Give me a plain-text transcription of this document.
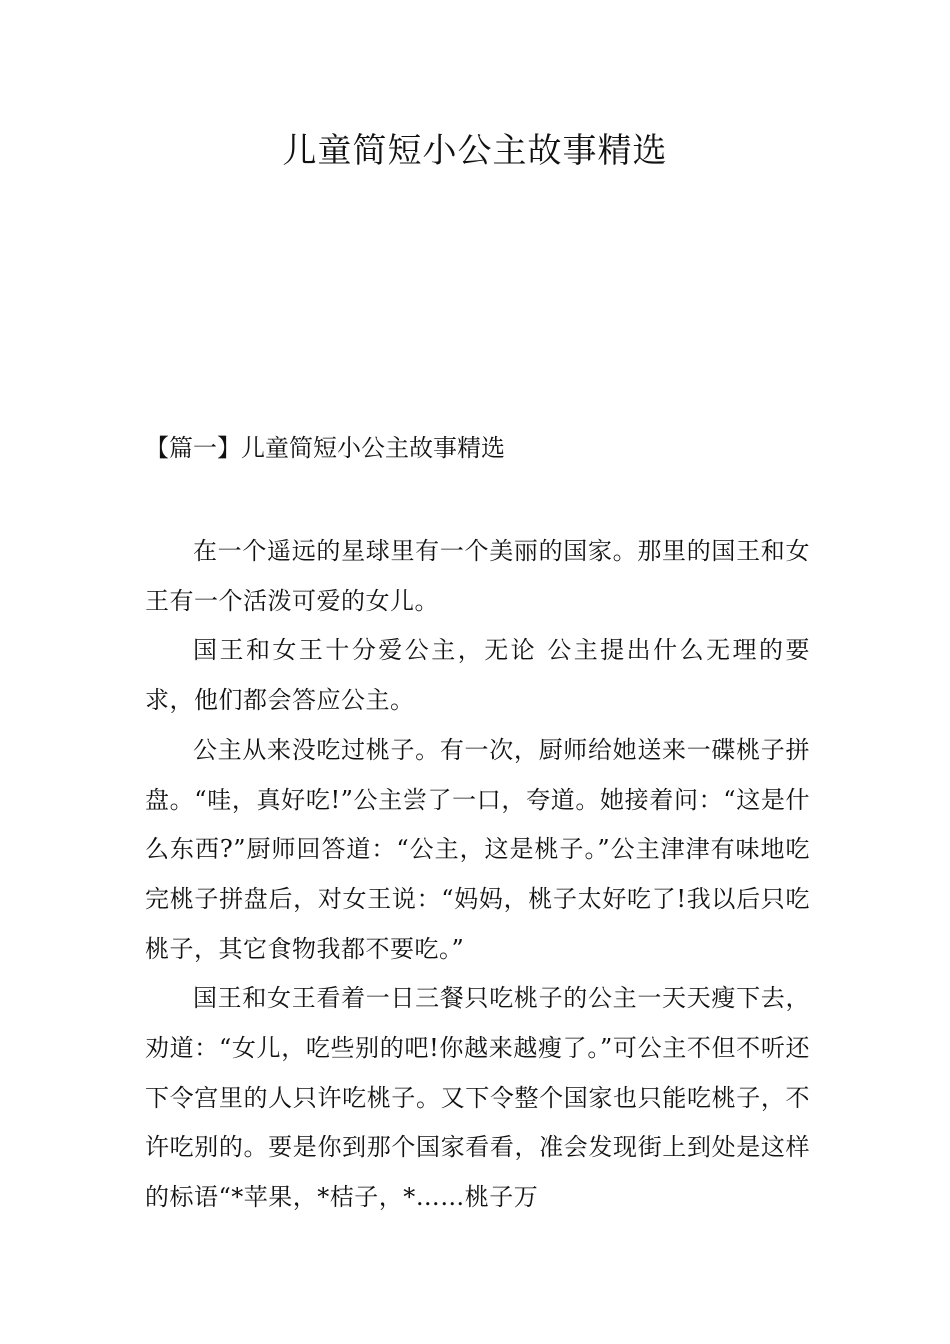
儿童简短小公主故事精选
【篇一】儿童简短小公主故事精选

在一个遥远的星球里有一个美丽的国家。那里的国王和女王有一个活泼可爱的女儿。

国王和女王十分爱公主，无论 公主提出什么无理的要求，他们都会答应公主。

公主从来没吃过桃子。有一次，厨师给她送来一碟桃子拼盘。“哇，真好吃!”公主尝了一口，夸道。她接着问：“这是什么东西?”厨师回答道：“公主，这是桃子。”公主津津有味地吃完桃子拼盘后，对女王说：“妈妈，桃子太好吃了!我以后只吃桃子，其它食物我都不要吃。”

国王和女王看着一日三餐只吃桃子的公主一天天瘦下去，劝道：“女儿，吃些别的吧!你越来越瘦了。”可公主不但不听还下令宫里的人只许吃桃子。又下令整个国家也只能吃桃子，不许吃别的。要是你到那个国家看看，准会发现街上到处是这样的标语“*苹果，*桔子，*……桃子万
